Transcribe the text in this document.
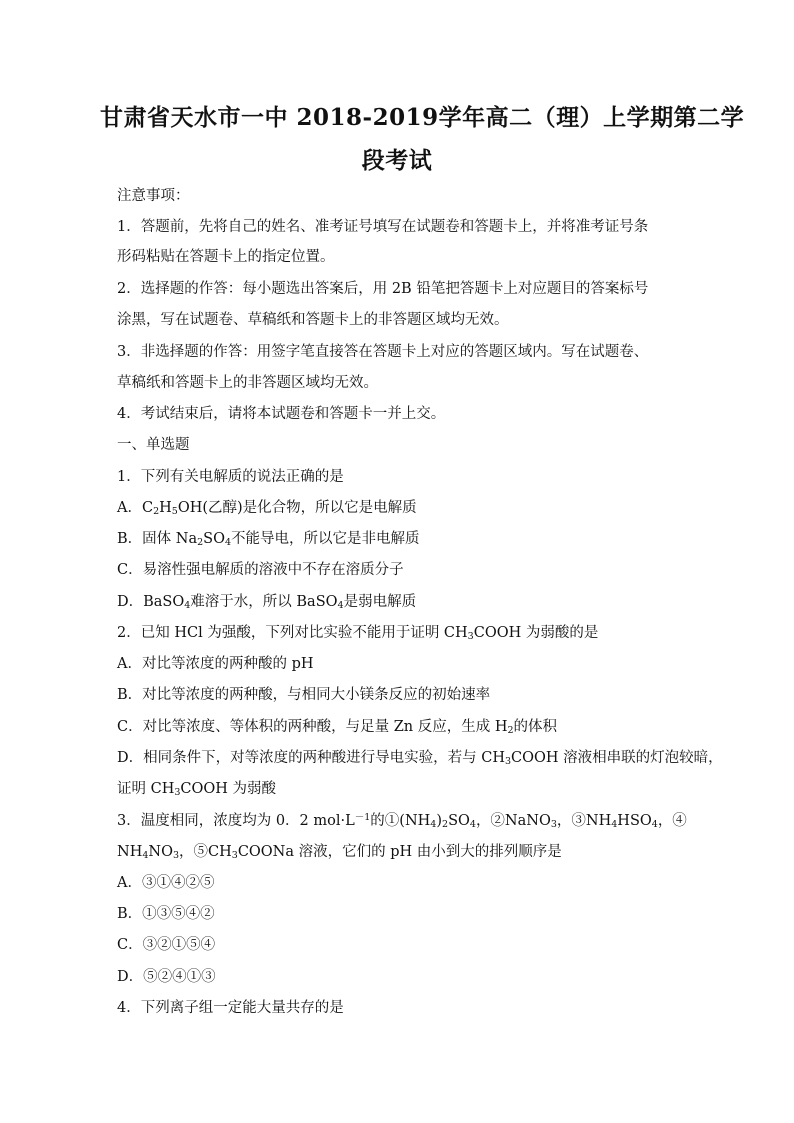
甘肃省天水市一中 2018-2019学年高二（理）上学期第二学
段考试
注意事项：
1．答题前，先将自己的姓名、准考证号填写在试题卷和答题卡上，并将准考证号条
形码粘贴在答题卡上的指定位置。
2．选择题的作答：每小题选出答案后，用 2B 铅笔把答题卡上对应题目的答案标号
涂黑，写在试题卷、草稿纸和答题卡上的非答题区域均无效。
3．非选择题的作答：用签字笔直接答在答题卡上对应的答题区域内。写在试题卷、
草稿纸和答题卡上的非答题区域均无效。
4．考试结束后，请将本试题卷和答题卡一并上交。
一、单选题
1．下列有关电解质的说法正确的是
A．$C_2H_5OH$(乙醇)是化合物，所以它是电解质
B．固体 $Na_2SO_4$不能导电，所以它是非电解质
C．易溶性强电解质的溶液中不存在溶质分子
D．BaSO$_4$难溶于水，所以 BaSO$_4$是弱电解质
2．已知 HCl 为强酸，下列对比实验不能用于证明 $CH_3COOH$ 为弱酸的是
A．对比等浓度的两种酸的 pH
B．对比等浓度的两种酸，与相同大小镁条反应的初始速率
C．对比等浓度、等体积的两种酸，与足量 Zn 反应，生成 $H_2$的体积
D．相同条件下，对等浓度的两种酸进行导电实验，若与 $CH_3COOH$ 溶液相串联的灯泡较暗，
证明 $CH_3COOH$ 为弱酸
3．温度相同，浓度均为 0．2 $mol\cdot L^{-1}$的$①(NH_4)_2SO_4$，②NaNO$_3$，$③NH_4HSO_4$，④
$NH_4NO_3$，$⑤CH_3COONa$ 溶液，它们的 pH 由小到大的排列顺序是
A．③①④②⑤
B．①③⑤④②
C．③②①⑤④
D．⑤②④①③
4．下列离子组一定能大量共存的是
